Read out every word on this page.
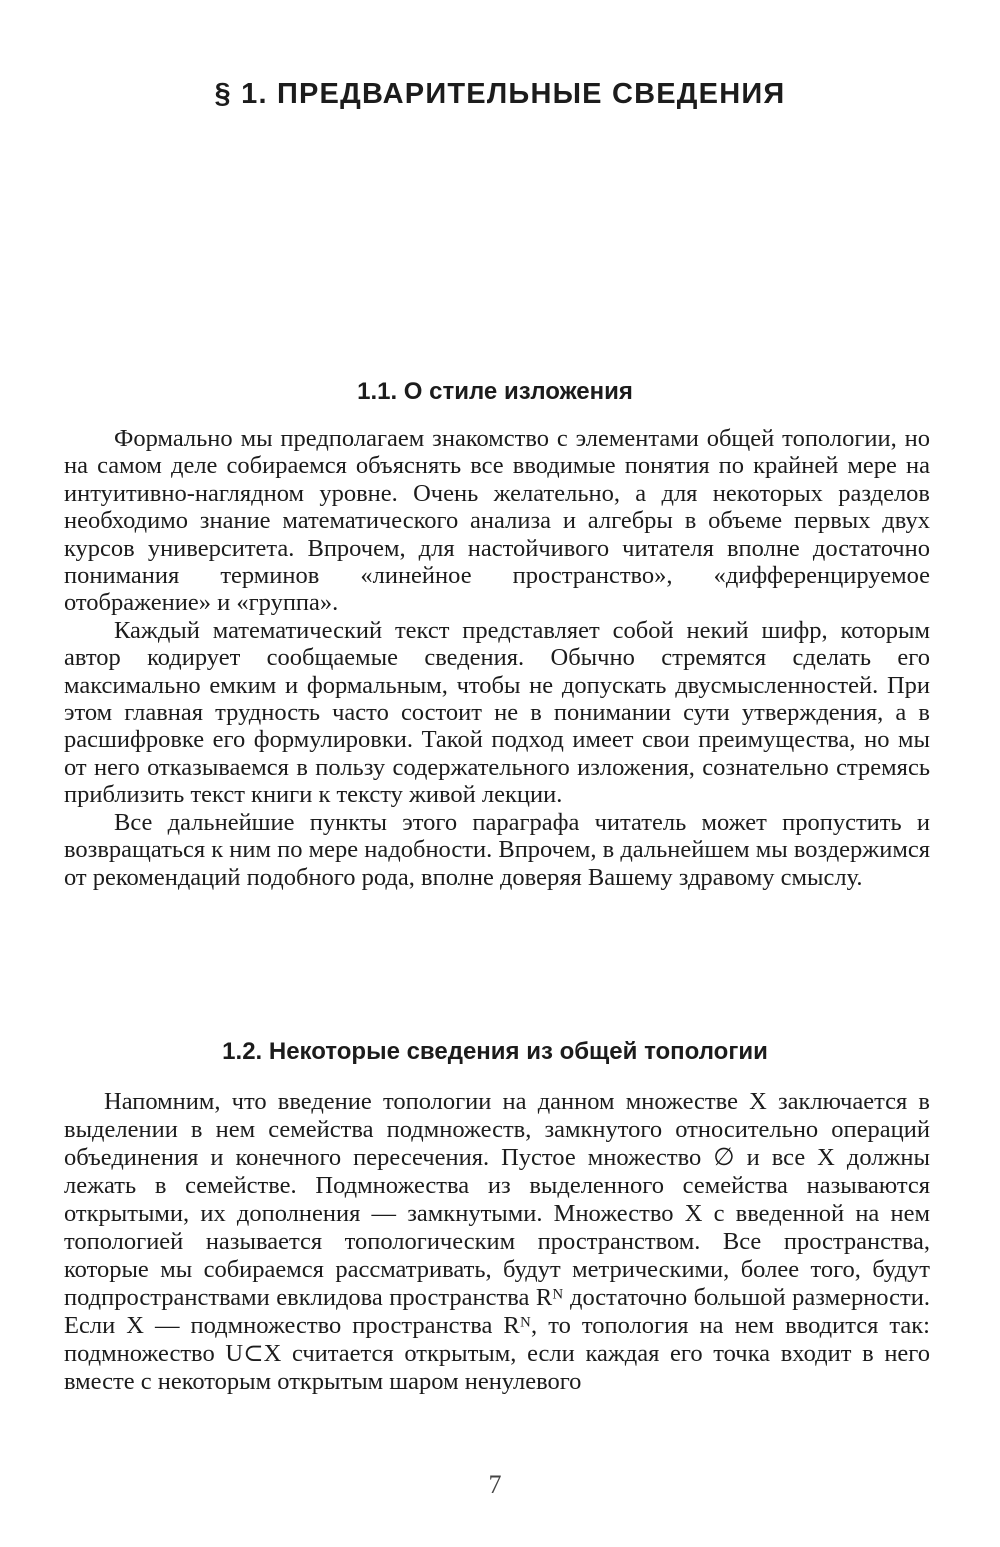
§ 1. ПРЕДВАРИТЕЛЬНЫЕ СВЕДЕНИЯ
1.1. О стиле изложения

Формально мы предполагаем знакомство с элементами общей топологии, но на самом деле собираемся объяснять все вводимые понятия по крайней мере на интуитивно-наглядном уровне. Очень желательно, а для некоторых разделов необходимо знание математического анализа и алгебры в объеме первых двух курсов университета. Впрочем, для настойчивого читателя вполне достаточно понимания терминов «линейное пространство», «дифференцируемое отображение» и «группа».

Каждый математический текст представляет собой некий шифр, которым автор кодирует сообщаемые сведения. Обычно стремятся сделать его максимально емким и формальным, чтобы не допускать двусмысленностей. При этом главная трудность часто состоит не в понимании сути утверждения, а в расшифровке его формулировки. Такой подход имеет свои преимущества, но мы от него отказываемся в пользу содержательного изложения, сознательно стремясь приблизить текст книги к тексту живой лекции.

Все дальнейшие пункты этого параграфа читатель может пропустить и возвращаться к ним по мере надобности. Впрочем, в дальнейшем мы воздержимся от рекомендаций подобного рода, вполне доверяя Вашему здравому смыслу.

1.2. Некоторые сведения из общей топологии

Напомним, что введение топологии на данном множестве X заключается в выделении в нем семейства подмножеств, замкнутого относительно операций объединения и конечного пересечения. Пустое множество ∅ и все X должны лежать в семействе. Подмножества из выделенного семейства называются открытыми, их дополнения — замкнутыми. Множество X с введенной на нем топологией называется топологическим пространством. Все пространства, которые мы собираемся рассматривать, будут метрическими, более того, будут подпространствами евклидова пространства Rᴺ достаточно большой размерности. Если X — подмножество пространства Rᴺ, то топология на нем вводится так: подмножество U⊂X считается открытым, если каждая его точка входит в него вместе с некоторым открытым шаром ненулевого

7
